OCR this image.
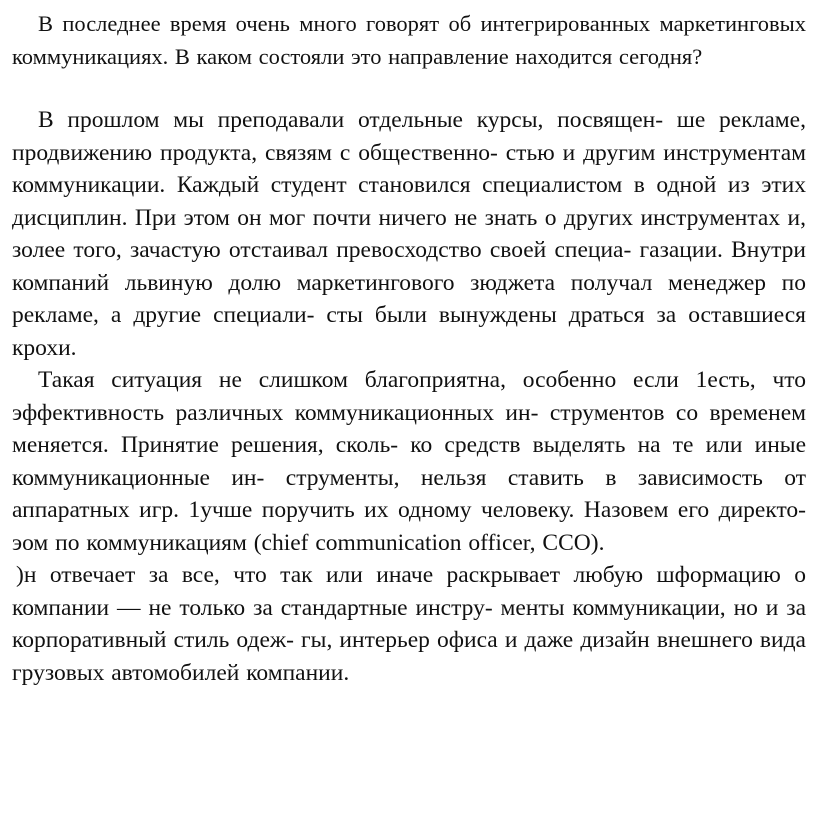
В последнее время очень много говорят об интегрированных маркетинговых коммуникациях. В каком состояли это направление находится сегодня?

В прошлом мы преподавали отдельные курсы, посвящен- ше рекламе, продвижению продукта, связям с общественно- стью и другим инструментам коммуникации. Каждый студент становился специалистом в одной из этих дисциплин. При этом он мог почти ничего не знать о других инструментах и, золее того, зачастую отстаивал превосходство своей специа- газации. Внутри компаний львиную долю маркетингового зюджета получал менеджер по рекламе, а другие специали- сты были вынуждены драться за оставшиеся крохи.

Такая ситуация не слишком благоприятна, особенно если 1есть, что эффективность различных коммуникационных ин- струментов со временем меняется. Принятие решения, сколь- ко средств выделять на те или иные коммуникационные ин- струменты, нельзя ставить в зависимость от аппаратных игр. 1учше поручить их одному человеку. Назовем его директо- эом по коммуникациям (chief communication officer, CCO).

)н отвечает за все, что так или иначе раскрывает любую шформацию о компании — не только за стандартные инстру- менты коммуникации, но и за корпоративный стиль одеж- гы, интерьер офиса и даже дизайн внешнего вида грузовых автомобилей компании.
